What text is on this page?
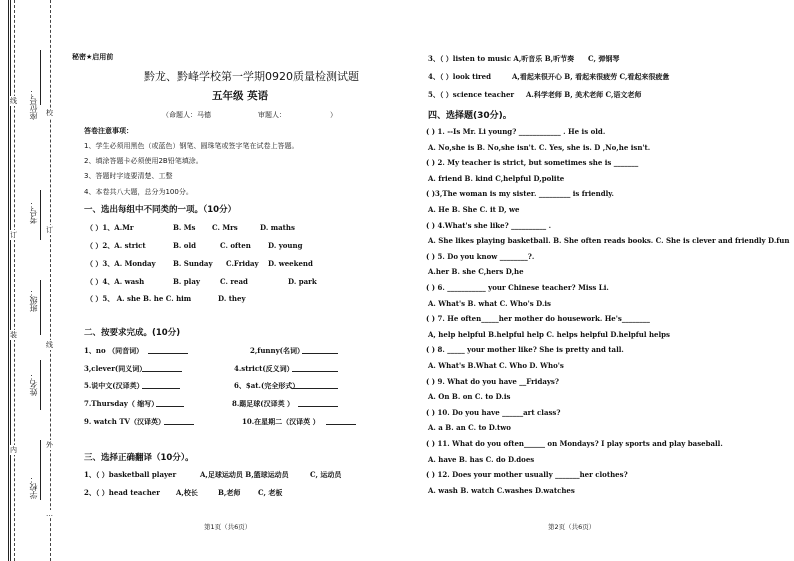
座位号：
考号：
班级：
姓名：
学校：
线
订
装
内
校
订
线
外
…
秘密★启用前
黔龙、黔峰学校第一学期0920质量检测试题
五年级 英语
（命题人：马德	审题人：	）
答卷注意事项：
1、学生必须用黑色（或蓝色）钢笔、圆珠笔或签字笔在试卷上答题。
2、填涂答题卡必须使用2B铅笔填涂。
3、答题时字迹要清楚、工整
4、本卷共八大题，总分为100分。
一、选出每组中不同类的一项。（10分）
（ ）1、A.Mr	B. Ms C. Mrs	D. maths
（ ）2、A. strict	B. old	C. often D. young
（ ）3、A. Monday B. Sunday C.Friday D. weekend
（ ）4、A. wash	B. play	C. read	D. park
（ ）5、 A. she B. he C. him	D. they
二、按要求完成。(10分)
1、no （同音词）	2,funny(名词）
3,clever(同义词）	4.strict(反义词）
5.说中文(汉译英）	6、$at.(完全形式）
7.Thursday（ 缩写）	8.踢足球(汉译英 ）
9. watch TV（汉译英）	10.在星期二（汉译英 ）
三、选择正确翻译（10分）。
1、（ ）basketball player	A,足球运动员 B,篮球运动员	C, 运动员
2、（ ）head teacher A,校长	B,老师	C, 老板
第1页（共6页）
3、（ ）listen to music A,听音乐 B,听节奏 C, 弹钢琴
4、（ ）look tired	A,看起来很开心 B, 看起来很疲劳 C,看起来很疲惫
5、（ ）science teacher A.科学老师 B, 美术老师 C,语文老师
四、选择题(30分)。
( ) 1. --Is Mr. Li young? ____________ . He is old.
A. No,she is B. No,she isn't. C. Yes, she is. D ,No,he isn't.
( ) 2. My teacher is strict, but sometimes she is _______
A. friend B. kind C,helpful D,polite
( )3,The woman is my sister. _________ is friendly.
A. He B. She C. it D, we
( ) 4.What's she like? __________ .
A. She likes playing basketball. B. She often reads books. C. She is clever and friendly D.fun
( ) 5. Do you know ________?.
A.her B. she C,hers D,he
( ) 6. ___________ your Chinese teacher? Miss Li.
A. What's B. what C. Who's D.is
( ) 7. He often_____her mother do housework. He's________
A, help helpful B.helpful help C. helps helpful D.helpful helps
( ) 8. _____ your mother like? She is pretty and tall.
A. What's B.What C. Who D. Who's
( ) 9. What do you have __Fridays?
A. On B. on C. to D.is
( ) 10. Do you have ______art class?
A. a B. an C. to D.two
( ) 11. What do you often______ on Mondays? I play sports and play baseball.
A. have B. has C. do D.does
( ) 12. Does your mother usually _______her clothes?
A. wash B. watch C.washes D.watches
第2页（共6页）
